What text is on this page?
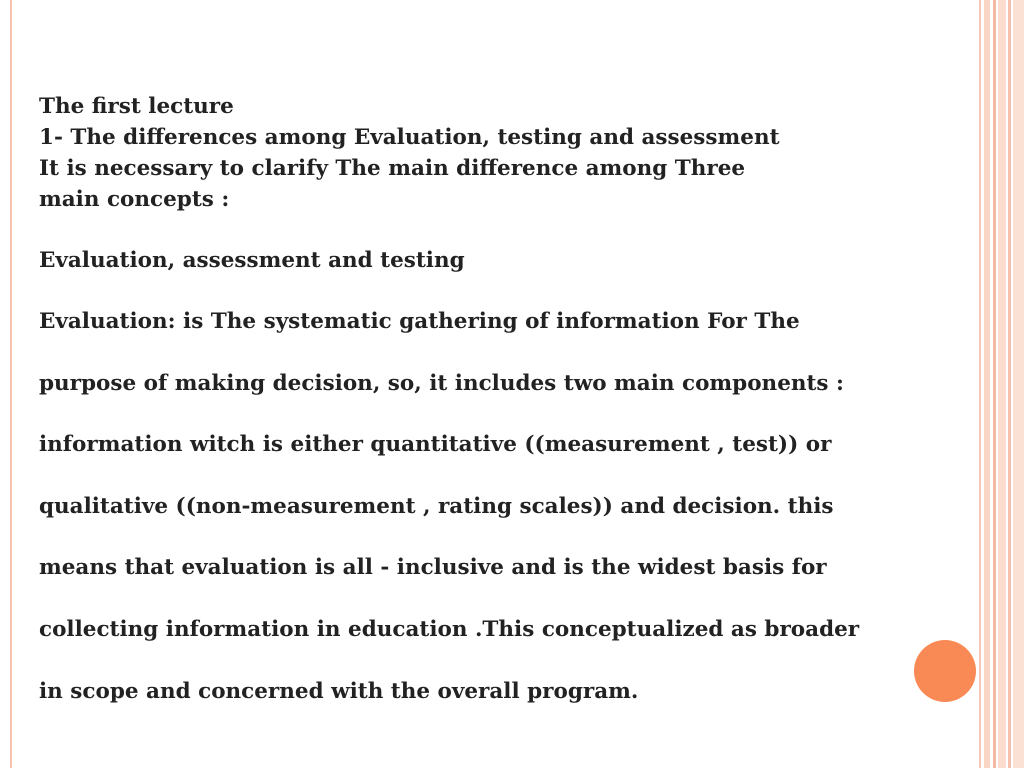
The first lecture
1- The differences among Evaluation, testing and assessment
It is necessary to clarify The main difference among Three
main concepts :
Evaluation, assessment and testing
Evaluation: is The systematic gathering of information For The
purpose of making decision, so, it includes two main components :
information witch is either quantitative ((measurement , test)) or
qualitative ((non-measurement , rating scales)) and decision. this
means that evaluation is all - inclusive and is the widest basis for
collecting information in education .This conceptualized as broader
in scope and concerned with the overall program.
